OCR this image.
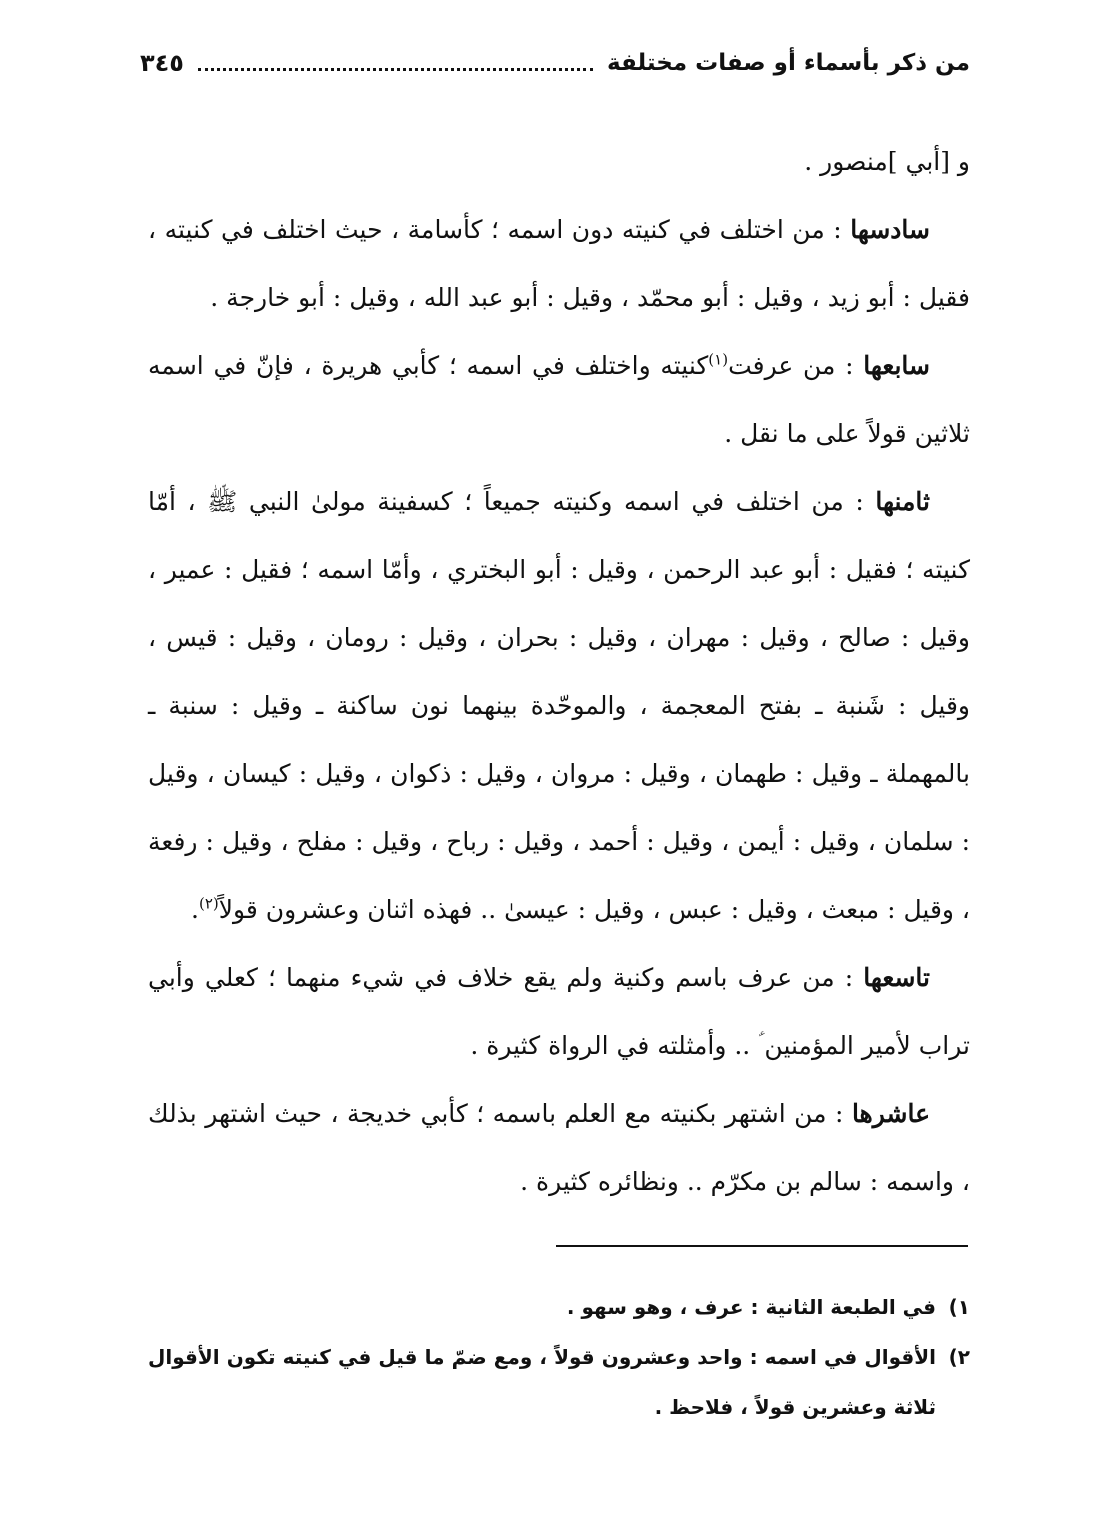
من ذكر بأسماء أو صفات مختلفة
٣٤٥

و [أبي ]منصور .

سادسها : من اختلف في كنيته دون اسمه ؛ كأسامة ، حيث اختلف في كنيته ، فقيل : أبو زيد ، وقيل : أبو محمّد ، وقيل : أبو عبد الله ، وقيل : أبو خارجة .

سابعها : من عرفت$^{(١)}$كنيته واختلف في اسمه ؛ كأبي هريرة ، فإنّ في اسمه ثلاثين قولاً على ما نقل .

ثامنها : من اختلف في اسمه وكنيته جميعاً ؛ كسفينة مولىٰ النبي ﷺ ، أمّا كنيته ؛ فقيل : أبو عبد الرحمن ، وقيل : أبو البختري ، وأمّا اسمه ؛ فقيل : عمير ، وقيل : صالح ، وقيل : مهران ، وقيل : بحران ، وقيل : رومان ، وقيل : قيس ، وقيل : شَنبة ـ بفتح المعجمة ، والموحّدة بينهما نون ساكنة ـ وقيل : سنبة ـ بالمهملة ـ وقيل : طهمان ، وقيل : مروان ، وقيل : ذكوان ، وقيل : كيسان ، وقيل : سلمان ، وقيل : أيمن ، وقيل : أحمد ، وقيل : رباح ، وقيل : مفلح ، وقيل : رفعة ، وقيل : مبعث ، وقيل : عبس ، وقيل : عيسىٰ .. فهذه اثنان وعشرون قولاً$^{(٢)}$.

تاسعها : من عرف باسم وكنية ولم يقع خلاف في شيء منهما ؛ كعلي وأبي تراب لأمير المؤمنين ؑ .. وأمثلته في الرواة كثيرة .

عاشرها : من اشتهر بكنيته مع العلم باسمه ؛ كأبي خديجة ، حيث اشتهر بذلك ، واسمه : سالم بن مكرّم .. ونظائره كثيرة .

١)
في الطبعة الثانية : عرف ، وهو سهو .
٢)
الأقوال في اسمه : واحد وعشرون قولاً ، ومع ضمّ ما قيل في كنيته تكون الأقوال ثلاثة وعشرين قولاً ، فلاحظ .
